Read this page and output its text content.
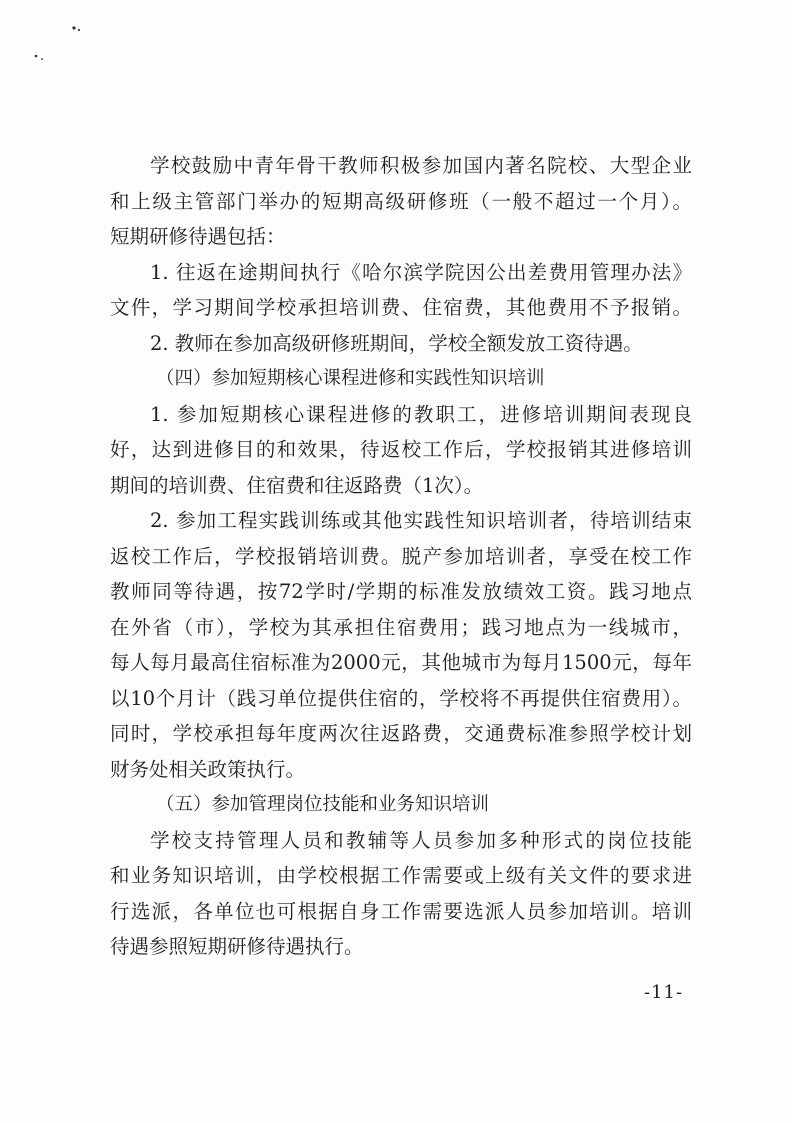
学校鼓励中青年骨干教师积极参加国内著名院校、大型企业
和上级主管部门举办的短期高级研修班（一般不超过一个月）。
短期研修待遇包括：
1. 往返在途期间执行《哈尔滨学院因公出差费用管理办法》
文件，学习期间学校承担培训费、住宿费，其他费用不予报销。
2. 教师在参加高级研修班期间，学校全额发放工资待遇。
（四）参加短期核心课程进修和实践性知识培训
1. 参加短期核心课程进修的教职工，进修培训期间表现良
好，达到进修目的和效果，待返校工作后，学校报销其进修培训
期间的培训费、住宿费和往返路费（1次）。
2. 参加工程实践训练或其他实践性知识培训者，待培训结束
返校工作后，学校报销培训费。脱产参加培训者，享受在校工作
教师同等待遇，按72学时/学期的标准发放绩效工资。践习地点
在外省（市），学校为其承担住宿费用；践习地点为一线城市，
每人每月最高住宿标准为2000元，其他城市为每月1500元，每年
以10个月计（践习单位提供住宿的，学校将不再提供住宿费用）。
同时，学校承担每年度两次往返路费，交通费标准参照学校计划
财务处相关政策执行。
（五）参加管理岗位技能和业务知识培训
学校支持管理人员和教辅等人员参加多种形式的岗位技能
和业务知识培训，由学校根据工作需要或上级有关文件的要求进
行选派，各单位也可根据自身工作需要选派人员参加培训。培训
待遇参照短期研修待遇执行。
-11-
